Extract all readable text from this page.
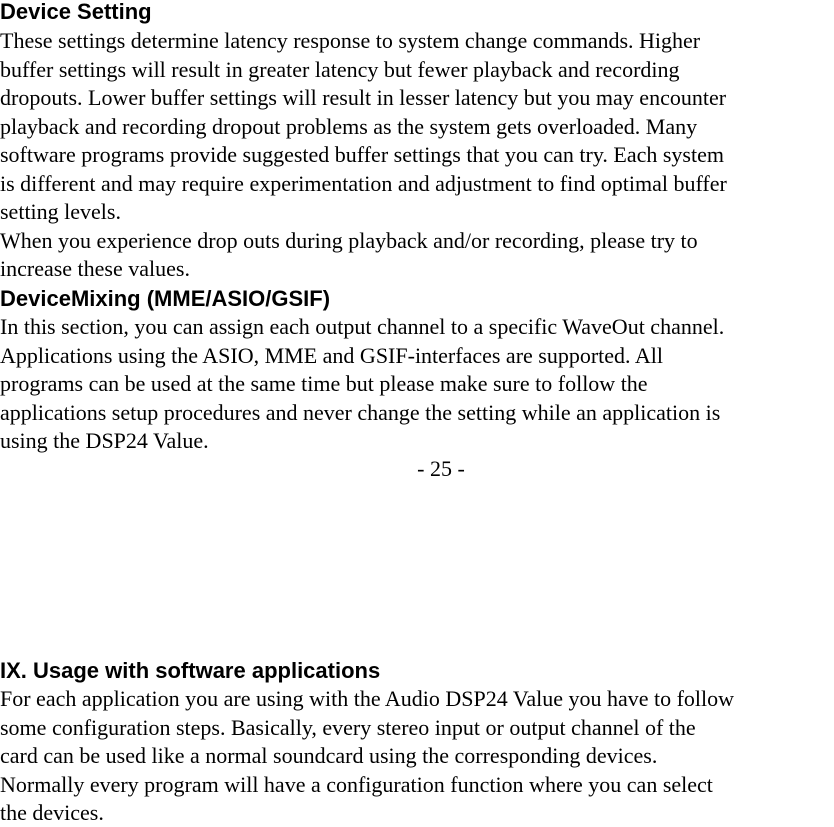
Device Setting

These settings determine latency response to system change commands. Higher

buffer settings will result in greater latency but fewer playback and recording

dropouts. Lower buffer settings will result in lesser latency but you may encounter

playback and recording dropout problems as the system gets overloaded. Many

software programs provide suggested buffer settings that you can try. Each system

is different and may require experimentation and adjustment to find optimal buffer

setting levels.

When you experience drop outs during playback and/or recording, please try to

increase these values.

DeviceMixing (MME/ASIO/GSIF)

In this section, you can assign each output channel to a specific WaveOut channel.

Applications using the ASIO, MME and GSIF-interfaces are supported. All

programs can be used at the same time but please make sure to follow the

applications setup procedures and never change the setting while an application is

using the DSP24 Value.

- 25 -
IX. Usage with software applications

For each application you are using with the Audio DSP24 Value you have to follow

some configuration steps. Basically, every stereo input or output channel of the

card can be used like a normal soundcard using the corresponding devices.

Normally every program will have a configuration function where you can select

the devices.
